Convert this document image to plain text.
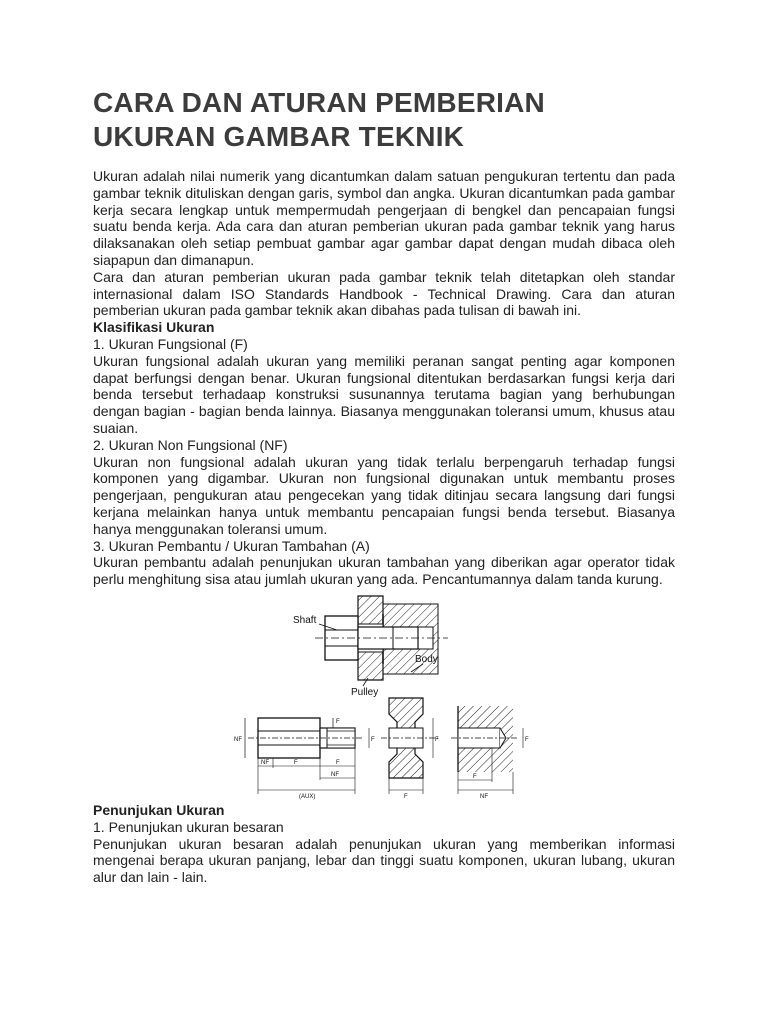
CARA DAN ATURAN PEMBERIAN UKURAN GAMBAR TEKNIK

Ukuran adalah nilai numerik yang dicantumkan dalam satuan pengukuran tertentu dan pada gambar teknik dituliskan dengan garis, symbol dan angka. Ukuran dicantumkan pada gambar kerja secara lengkap untuk mempermudah pengerjaan di bengkel dan pencapaian fungsi suatu benda kerja. Ada cara dan aturan pemberian ukuran pada gambar teknik yang harus dilaksanakan oleh setiap pembuat gambar agar gambar dapat dengan mudah dibaca oleh siapapun dan dimanapun.

Cara dan aturan pemberian ukuran pada gambar teknik telah ditetapkan oleh standar internasional dalam ISO Standards Handbook - Technical Drawing. Cara dan aturan pemberian ukuran pada gambar teknik akan dibahas pada tulisan di bawah ini.

Klasifikasi Ukuran

1. Ukuran Fungsional (F)

Ukuran fungsional adalah ukuran yang memiliki peranan sangat penting agar komponen dapat berfungsi dengan benar. Ukuran fungsional ditentukan berdasarkan fungsi kerja dari benda tersebut terhadaap konstruksi susunannya terutama bagian yang berhubungan dengan bagian - bagian benda lainnya. Biasanya menggunakan toleransi umum, khusus atau suaian.

2. Ukuran Non Fungsional (NF)

Ukuran non fungsional adalah ukuran yang tidak terlalu berpengaruh terhadap fungsi komponen yang digambar. Ukuran non fungsional digunakan untuk membantu proses pengerjaan, pengukuran atau pengecekan yang tidak ditinjau secara langsung dari fungsi kerjana melainkan hanya untuk membantu pencapaian fungsi benda tersebut. Biasanya hanya menggunakan toleransi umum.

3. Ukuran Pembantu / Ukuran Tambahan (A)

Ukuran pembantu adalah penunjukan ukuran tambahan yang diberikan agar operator tidak perlu menghitung sisa atau jumlah ukuran yang ada. Pencantumannya dalam tanda kurung.

Shaft
Body
Pulley
NF
F
NF	F	F
NF
(AUX)
F	F
F
F
F
NF

Penunjukan Ukuran

1. Penunjukan ukuran besaran

Penunjukan ukuran besaran adalah penunjukan ukuran yang memberikan informasi mengenai berapa ukuran panjang, lebar dan tinggi suatu komponen, ukuran lubang, ukuran alur dan lain - lain.
